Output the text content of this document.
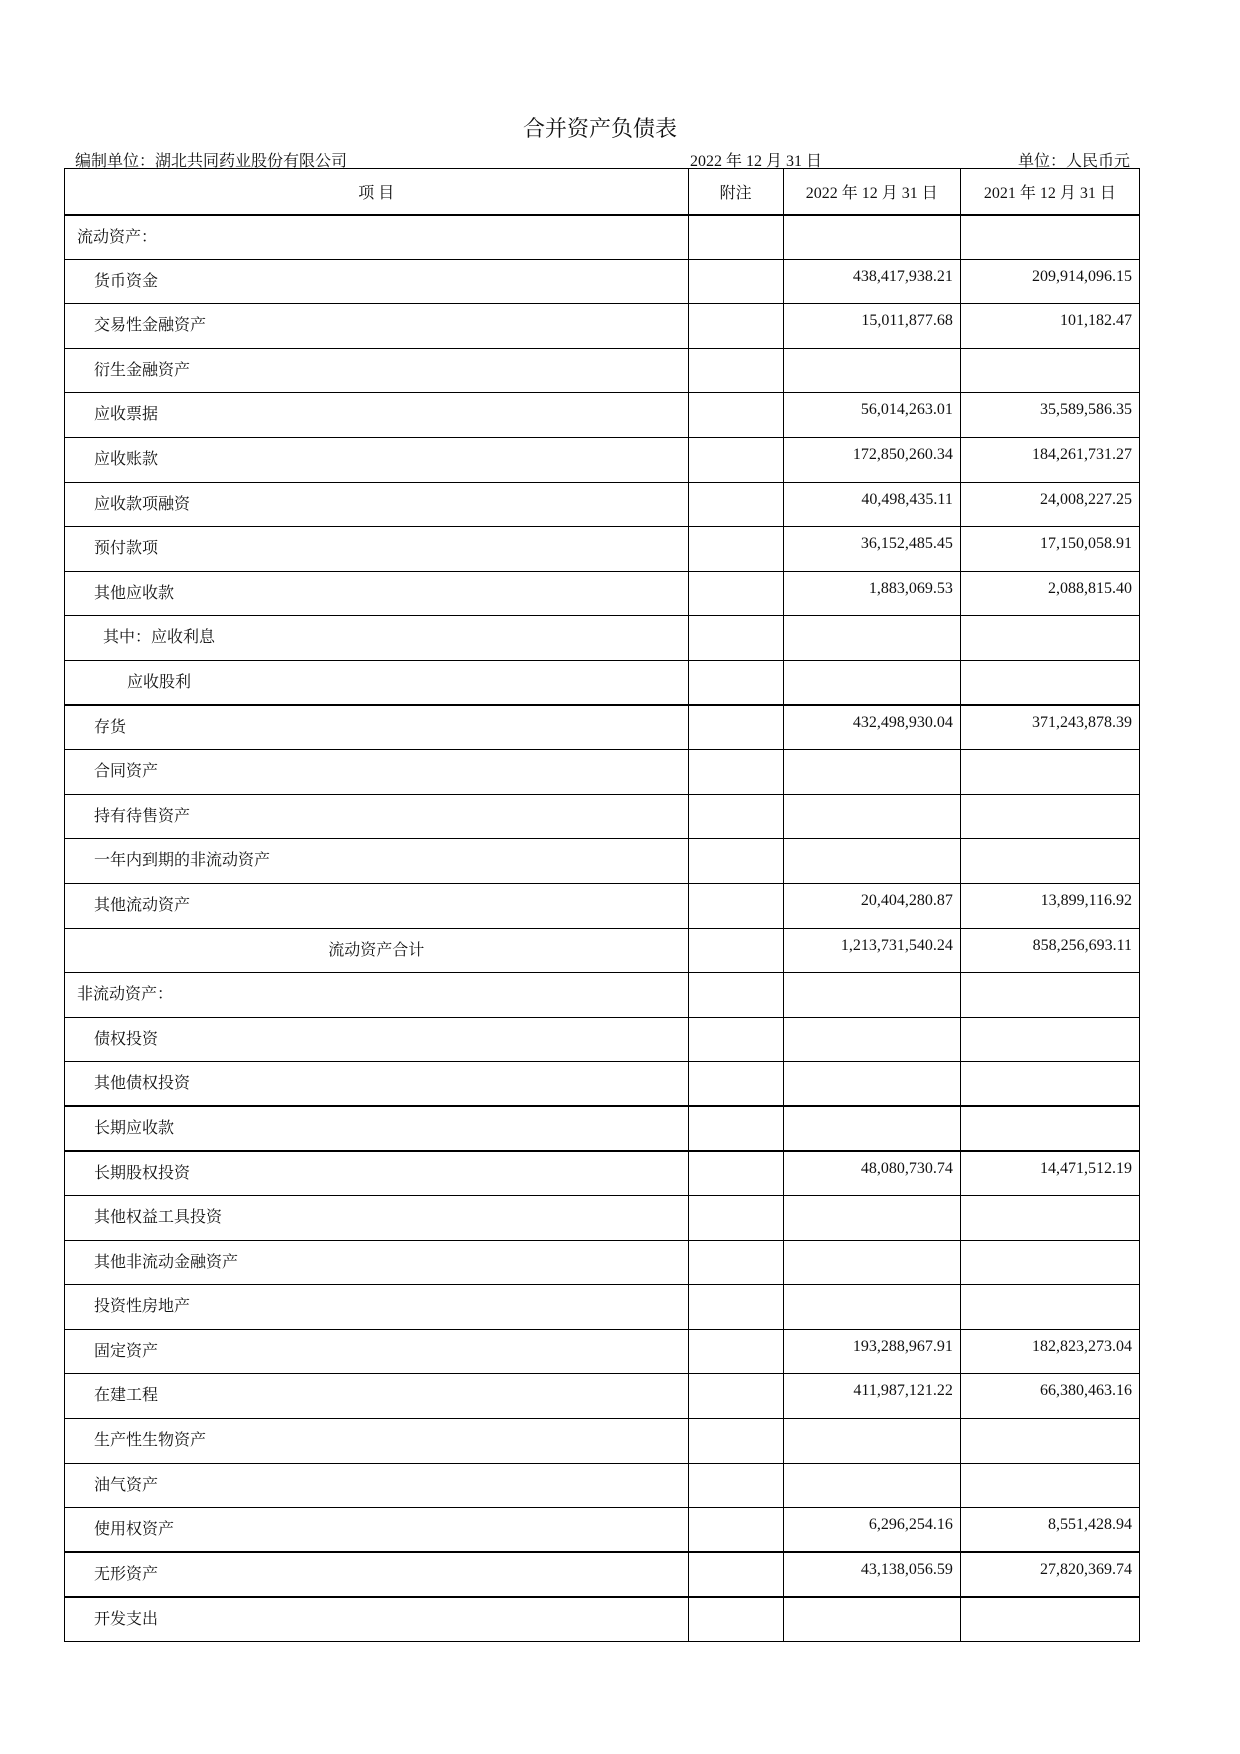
合并资产负债表
编制单位：湖北共同药业股份有限公司	2022 年 12 月 31 日	单位：人民币元
项 目	附注	2022 年 12 月 31 日	2021 年 12 月 31 日
流动资产：			
货币资金		438,417,938.21	209,914,096.15
交易性金融资产		15,011,877.68	101,182.47
衍生金融资产			
应收票据		56,014,263.01	35,589,586.35
应收账款		172,850,260.34	184,261,731.27
应收款项融资		40,498,435.11	24,008,227.25
预付款项		36,152,485.45	17,150,058.91
其他应收款		1,883,069.53	2,088,815.40
其中：应收利息			
应收股利			
存货		432,498,930.04	371,243,878.39
合同资产			
持有待售资产			
一年内到期的非流动资产			
其他流动资产		20,404,280.87	13,899,116.92
流动资产合计		1,213,731,540.24	858,256,693.11
非流动资产：			
债权投资			
其他债权投资			
长期应收款			
长期股权投资		48,080,730.74	14,471,512.19
其他权益工具投资			
其他非流动金融资产			
投资性房地产			
固定资产		193,288,967.91	182,823,273.04
在建工程		411,987,121.22	66,380,463.16
生产性生物资产			
油气资产			
使用权资产		6,296,254.16	8,551,428.94
无形资产		43,138,056.59	27,820,369.74
开发支出			
